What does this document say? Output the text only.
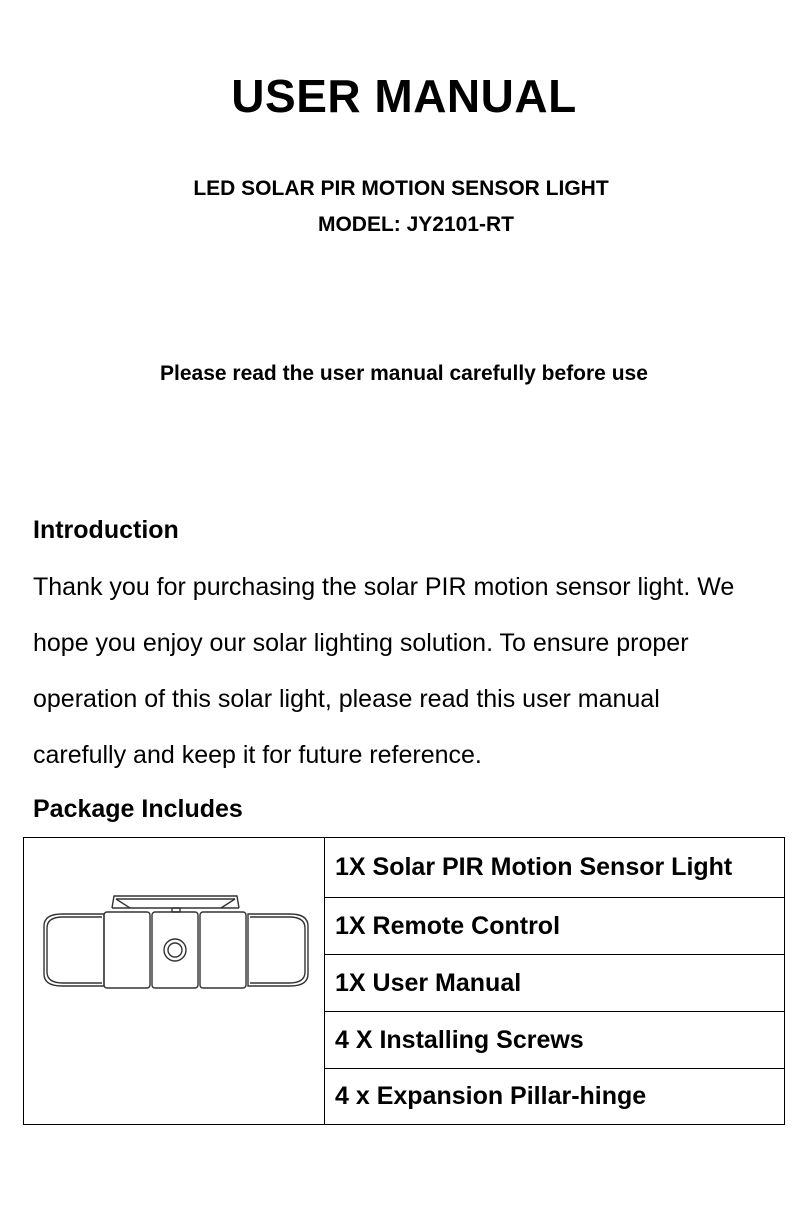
USER MANUAL
LED SOLAR PIR MOTION SENSOR LIGHT
MODEL: JY2101-RT
Please read the user manual carefully before use
Introduction
Thank you for purchasing the solar PIR motion sensor light. We
hope you enjoy our solar lighting solution. To ensure proper
operation of this solar light, please read this user manual
carefully and keep it for future reference.
Package Includes
1X Solar PIR Motion Sensor Light
1X Remote Control
1X User Manual
4 X Installing Screws
4 x Expansion Pillar-hinge
